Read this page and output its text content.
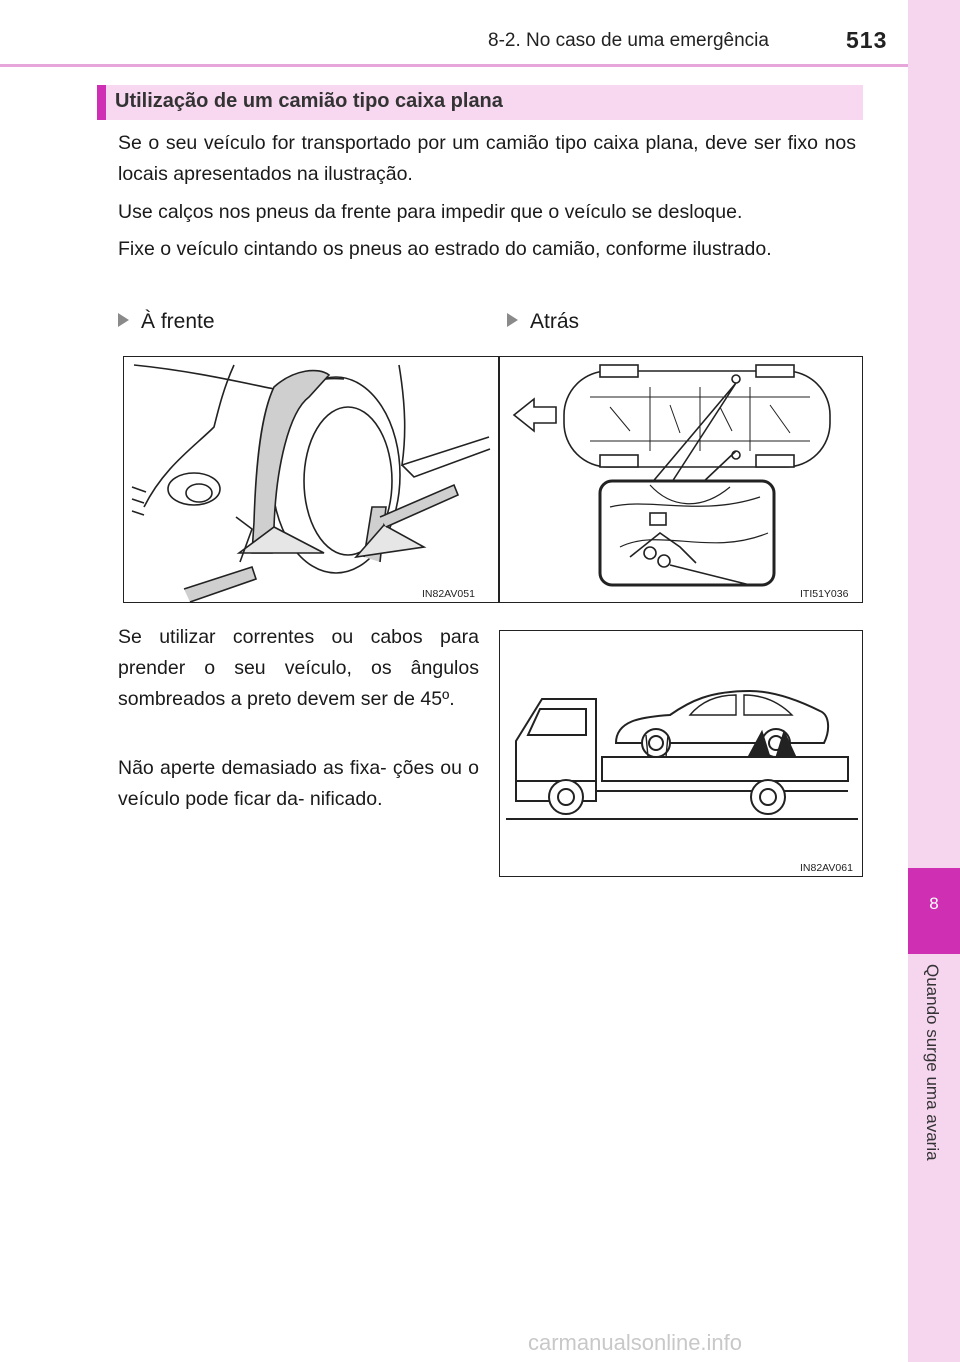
8-2. No caso de uma emergência	513
8
Quando surge uma avaria
Utilização de um camião tipo caixa plana
Se o seu veículo for transportado por um camião tipo caixa plana, deve ser fixo nos locais apresentados na ilustração.
Use calços nos pneus da frente para impedir que o veículo se desloque.
Fixe o veículo cintando os pneus ao estrado do camião, conforme ilustrado.
À frente	Atrás
IN82AV051	ITI51Y036
Se utilizar correntes ou cabos para prender o seu veículo, os ângulos sombreados a preto devem ser de 45º.
Não aperte demasiado as fixa- ções ou o veículo pode ficar da- nificado.
IN82AV061
carmanualsonline.info
